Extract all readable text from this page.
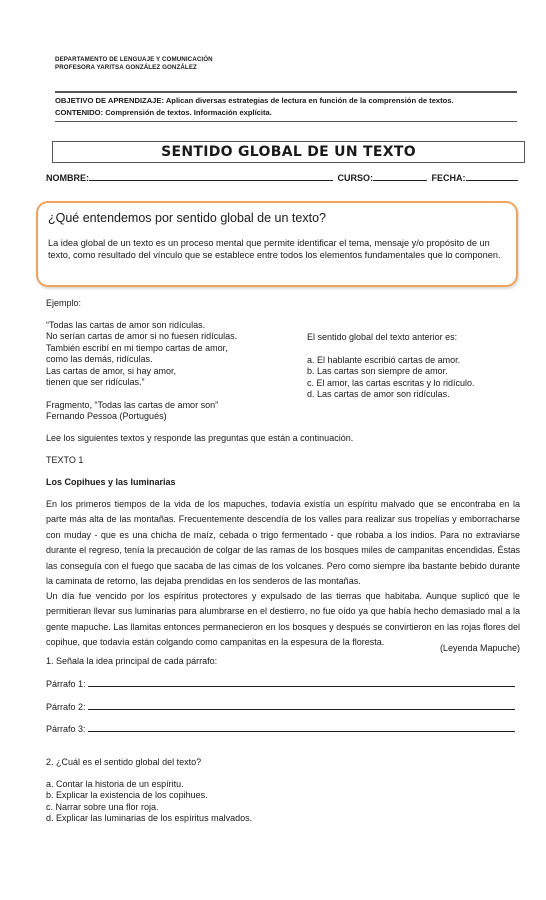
DEPARTAMENTO DE LENGUAJE Y COMUNICACIÓN
PROFESORA YARITSA GONZÁLEZ GONZÁLEZ
OBJETIVO DE APRENDIZAJE: Aplican diversas estrategias de lectura en función de la comprensión de textos.
CONTENIDO: Comprensión de textos. Información explícita.
SENTIDO GLOBAL DE UN TEXTO
NOMBRE:	CURSO:	FECHA:
¿Qué entendemos por sentido global de un texto?
La idea global de un texto es un proceso mental que permite identificar el tema, mensaje y/o propósito de un texto, como resultado del vínculo que se establece entre todos los elementos fundamentales que lo componen.
Ejemplo:
“Todas las cartas de amor son ridículas.
No serían cartas de amor si no fuesen ridículas.
También escribí en mi tiempo cartas de amor,
como las demás, ridículas.
Las cartas de amor, si hay amor,
tienen que ser ridículas.”
Fragmento, “Todas las cartas de amor son”
Fernando Pessoa (Portugués)
El sentido global del texto anterior es:
a. El hablante escribió cartas de amor.
b. Las cartas son siempre de amor.
c. El amor, las cartas escritas y lo ridículo.
d. Las cartas de amor son ridículas.
Lee los siguientes textos y responde las preguntas que están a continuación.
TEXTO 1
Los Copihues y las luminarias
En los primeros tiempos de la vida de los mapuches, todavía existía un espíritu malvado que se encontraba en la parte más alta de las montañas. Frecuentemente descendía de los valles para realizar sus tropelías y emborracharse con muday - que es una chicha de maíz, cebada o trigo fermentado - que robaba a los indios. Para no extraviarse durante el regreso, tenía la precaución de colgar de las ramas de los bosques miles de campanitas encendidas. Éstas las conseguía con el fuego que sacaba de las cimas de los volcanes. Pero como siempre iba bastante bebido durante la caminata de retorno, las dejaba prendidas en los senderos de las montañas.
Un día fue vencido por los espíritus protectores y expulsado de las tierras que habitaba. Aunque suplicó que le permitieran llevar sus luminarias para alumbrarse en el destierro, no fue oído ya que había hecho demasiado mal a la gente mapuche. Las llamitas entonces permanecieron en los bosques y después se convirtieron en las rojas flores del copihue, que todavía están colgando como campanitas en la espesura de la floresta.
(Leyenda Mapuche)
1. Señala la idea principal de cada párrafo:
Párrafo 1:
Párrafo 2:
Párrafo 3:
2. ¿Cuál es el sentido global del texto?
a. Contar la historia de un espíritu.
b. Explicar la existencia de los copihues.
c. Narrar sobre una flor roja.
d. Explicar las luminarias de los espíritus malvados.
